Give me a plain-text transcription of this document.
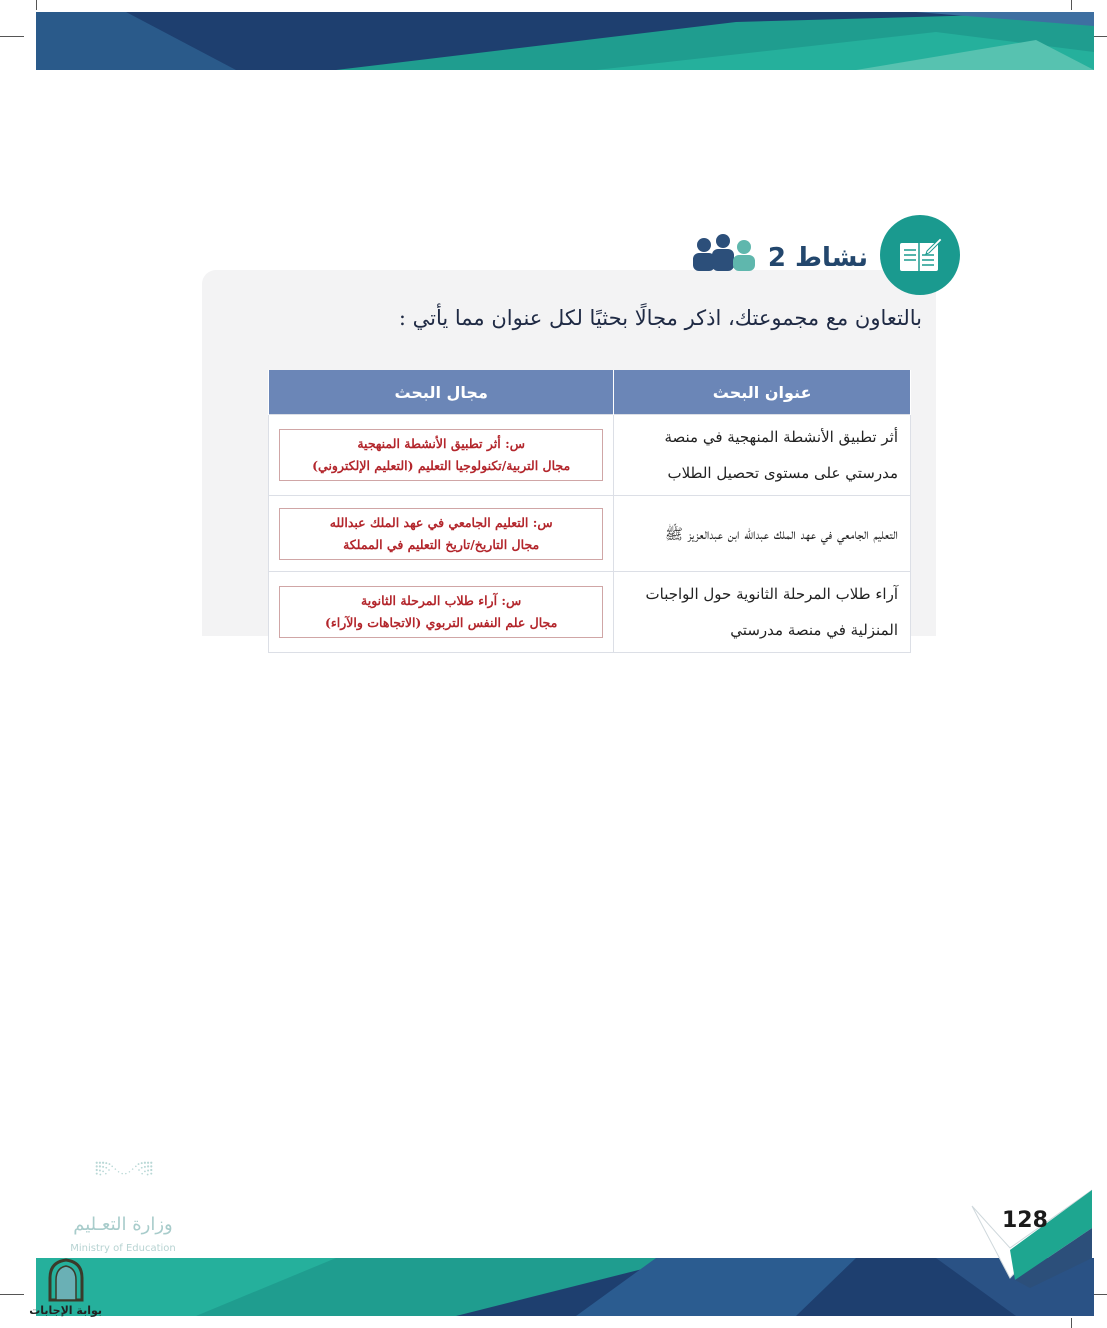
نشاط 2
بالتعاون مع مجموعتك، اذكر مجالًا بحثيًا لكل عنوان مما يأتي :
عنوان البحث	مجال البحث
أثر تطبيق الأنشطة المنهجية في منصة مدرستي على مستوى تحصيل الطلاب	س: أثر تطبيق الأنشطة المنهجية
مجال التربية/تكنولوجيا التعليم (التعليم الإلكتروني)

التعليم الجامعي في عهد الملك عبدالله ابن عبدالعزيز ﷺ	س: التعليم الجامعي في عهد الملك عبدالله
مجال التاريخ/تاريخ التعليم في المملكة

آراء طلاب المرحلة الثانوية حول الواجبات المنزلية في منصة مدرستي	س: آراء طلاب المرحلة الثانوية
مجال علم النفس التربوي (الاتجاهات والآراء)
وزارة التعـليم
Ministry of Education
بوابة الإجابات
128
